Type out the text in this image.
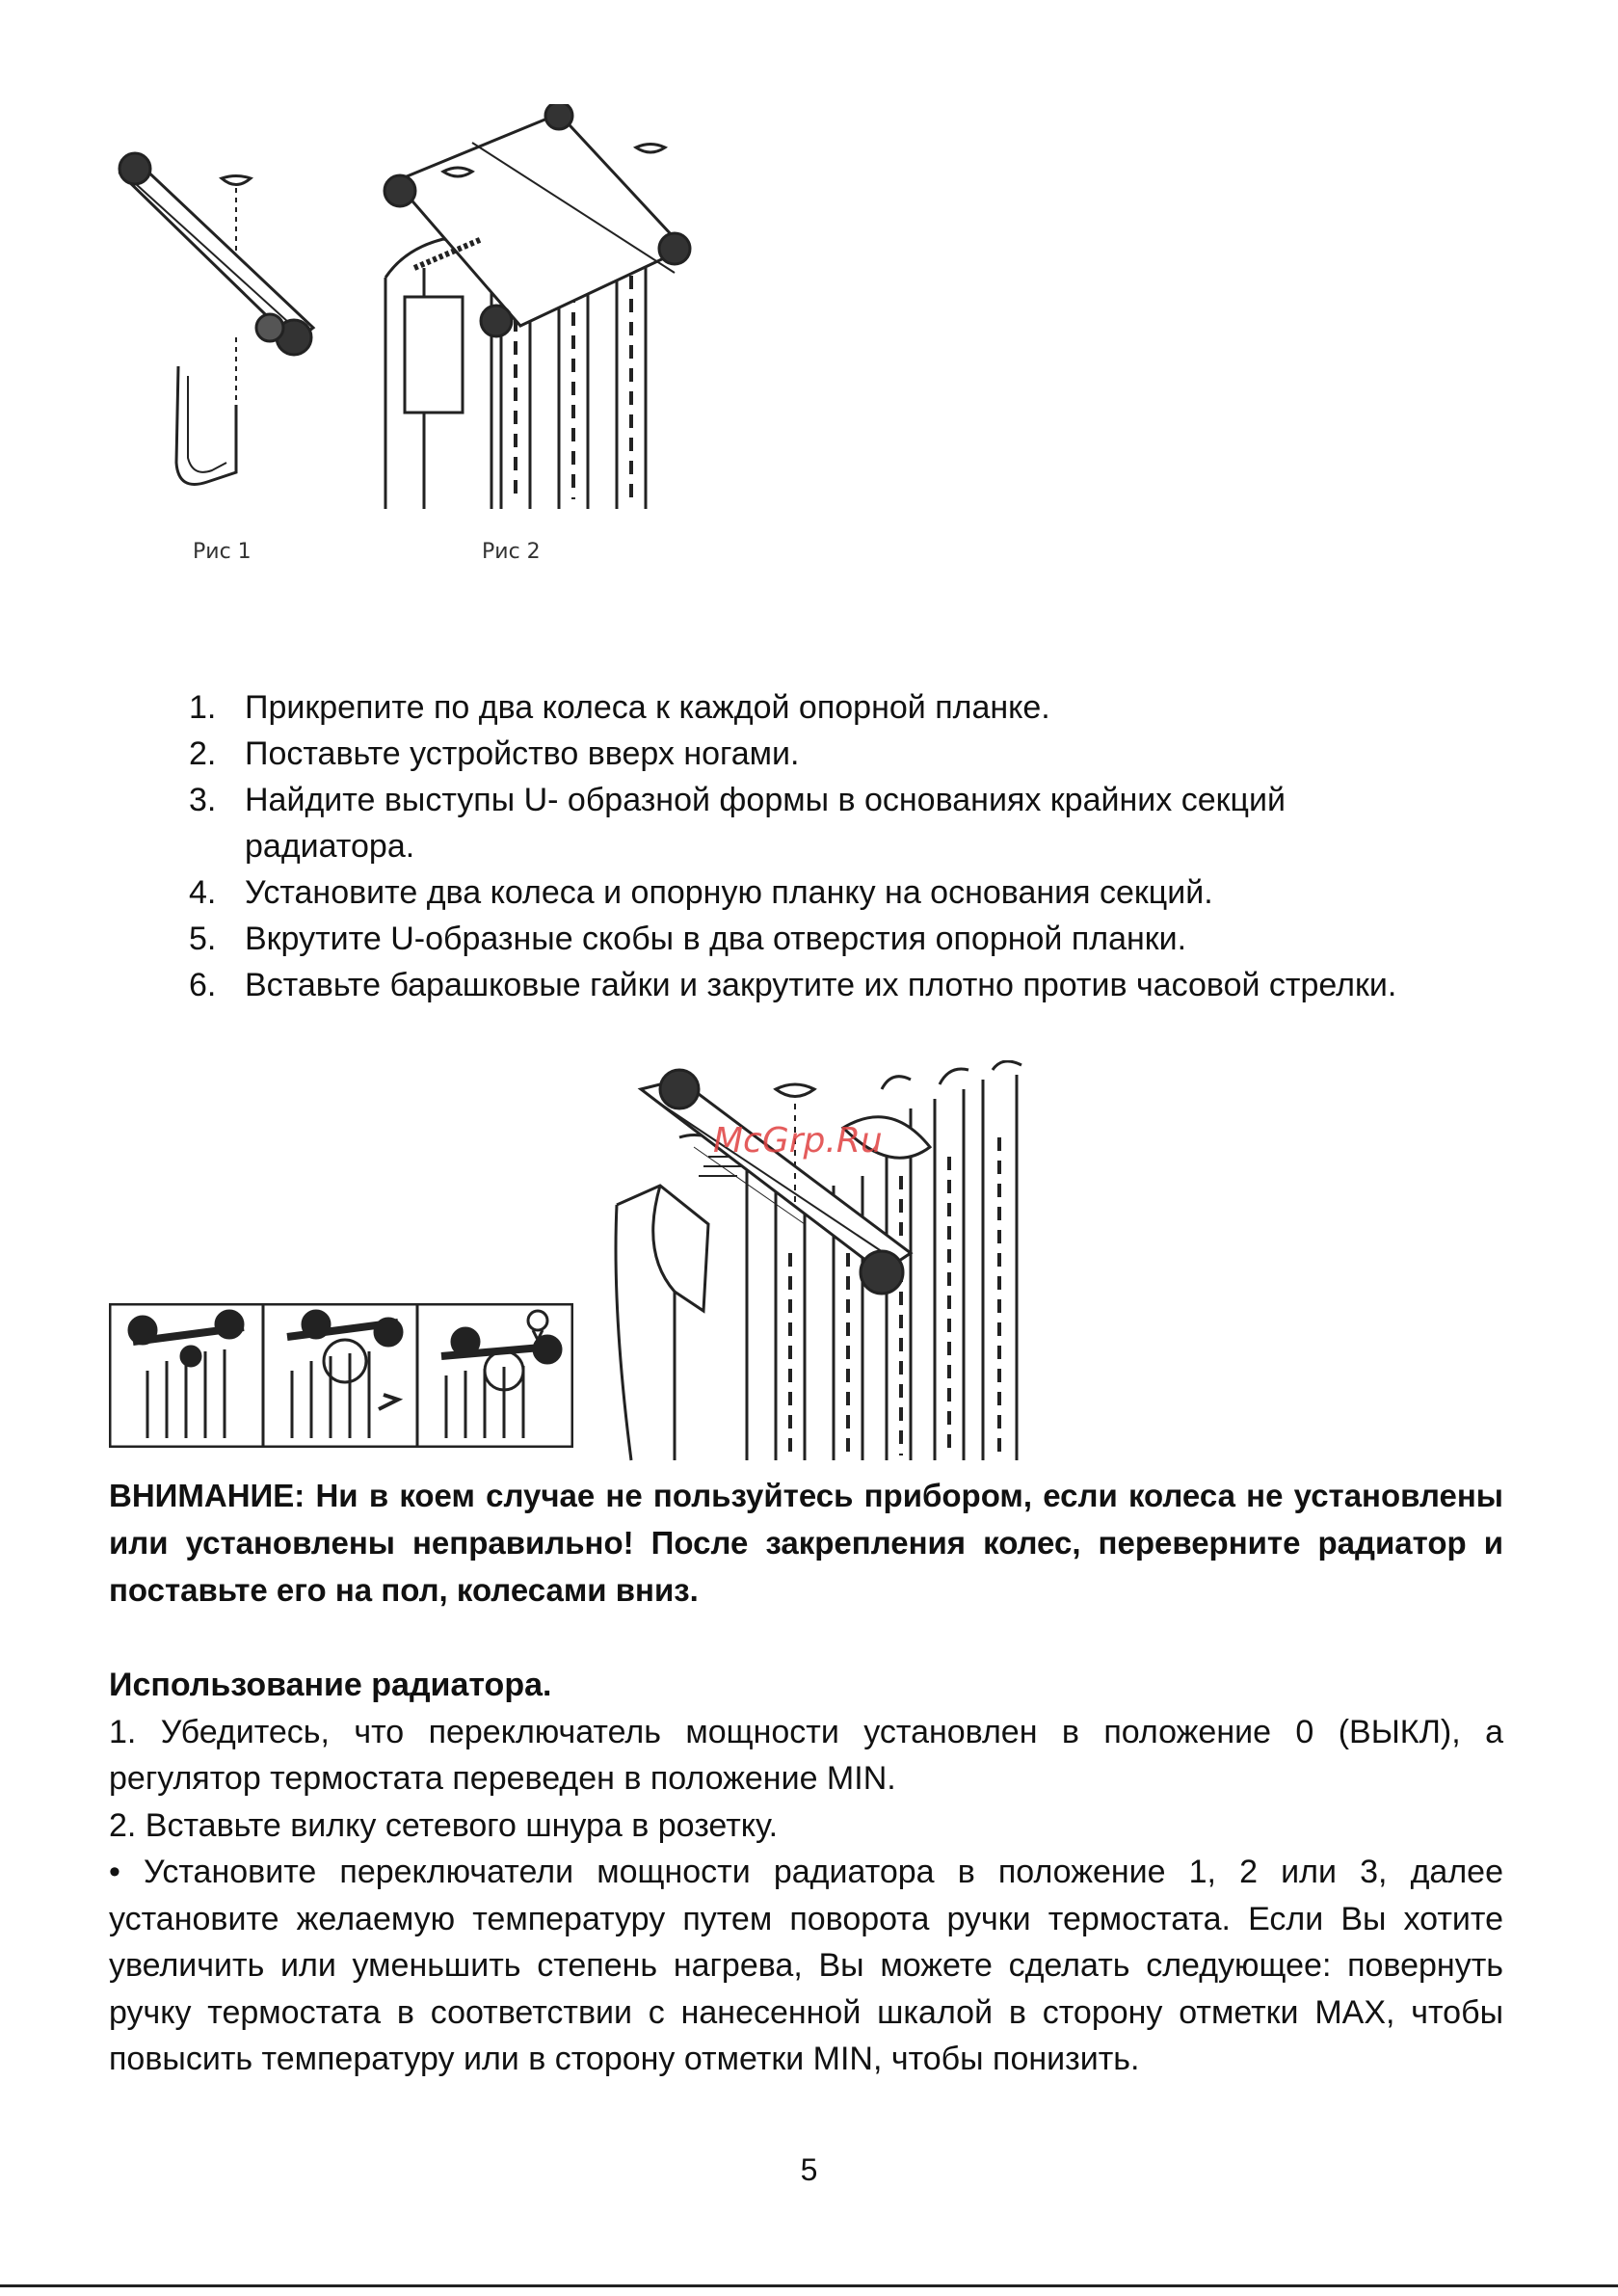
Рис 1	Рис 2
1. Прикрепите по два колеса к каждой опорной планке.
2. Поставьте устройство вверх ногами.
3. Найдите выступы U- образной формы в основаниях крайних секций радиатора.
4. Установите два колеса и опорную планку на основания секций.
5. Вкрутите U-образные скобы в два отверстия опорной планки.
6. Вставьте барашковые гайки и закрутите их плотно против часовой стрелки.
McGrp.Ru

ВНИМАНИЕ: Ни в коем случае не пользуйтесь прибором, если колеса не установлены или установлены неправильно! После закрепления колес, переверните радиатор и поставьте его на пол, колесами вниз.

Использование радиатора.

1. Убедитесь, что переключатель мощности установлен в положение 0 (ВЫКЛ), а регулятор термостата переведен в положение MIN.

2. Вставьте вилку сетевого шнура в розетку.

• Установите переключатели мощности радиатора в положение 1, 2 или 3, далее установите желаемую температуру путем поворота ручки термостата. Если Вы хотите увеличить или уменьшить степень нагрева, Вы можете сделать следующее: повернуть ручку термостата в соответствии с нанесенной шкалой в сторону отметки MAX, чтобы повысить температуру или в сторону отметки MIN, чтобы понизить.

5
